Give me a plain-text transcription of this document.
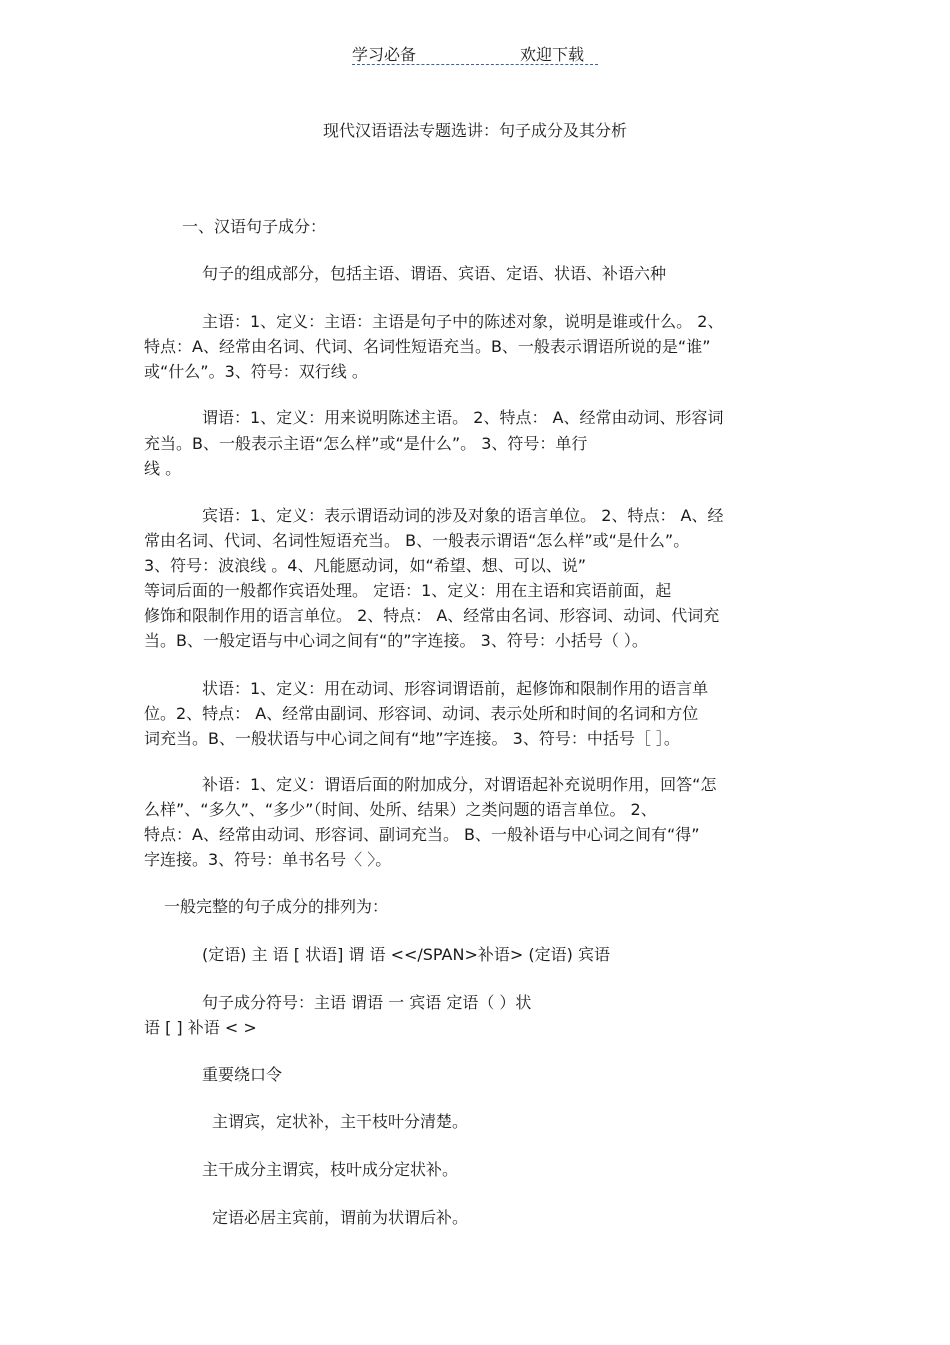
学习必备	欢迎下载
现代汉语语法专题选讲：句子成分及其分析
一、汉语句子成分：
句子的组成部分，包括主语、谓语、宾语、定语、状语、补语六种
主语：1、定义：主语：主语是句子中的陈述对象，说明是谁或什么。 2、
特点：A、经常由名词、代词、名词性短语充当。B、一般表示谓语所说的是“谁”
或“什么”。3、符号：双行线 。
谓语：1、定义：用来说明陈述主语。 2、特点： A、经常由动词、形容词
充当。B、一般表示主语“怎么样”或“是什么”。 3、符号：单行
线 。
宾语：1、定义：表示谓语动词的涉及对象的语言单位。 2、特点： A、经
常由名词、代词、名词性短语充当。 B、一般表示谓语“怎么样”或“是什么”。
3、符号：波浪线 。4、凡能愿动词，如“希望、想、可以、说”
等词后面的一般都作宾语处理。 定语：1、定义：用在主语和宾语前面，起
修饰和限制作用的语言单位。 2、特点： A、经常由名词、形容词、动词、代词充
当。B、一般定语与中心词之间有“的”字连接。 3、符号：小括号（ ）。
状语：1、定义：用在动词、形容词谓语前，起修饰和限制作用的语言单
位。2、特点： A、经常由副词、形容词、动词、表示处所和时间的名词和方位
词充当。B、一般状语与中心词之间有“地”字连接。 3、符号：中括号［ ］。
补语：1、定义：谓语后面的附加成分，对谓语起补充说明作用，回答“怎
么样”、“多久”、“多少”（时间、处所、结果）之类问题的语言单位。 2、
特点：A、经常由动词、形容词、副词充当。 B、一般补语与中心词之间有“得”
字连接。3、符号：单书名号〈 〉。
一般完整的句子成分的排列为：
(定语) 主 语 [ 状语] 谓 语 <</SPAN>补语> (定语) 宾语
句子成分符号：主语 谓语 一 宾语 定语（ ）状
语 [ ] 补语 < >
重要绕口令
主谓宾，定状补，主干枝叶分清楚。
主干成分主谓宾，枝叶成分定状补。
定语必居主宾前，谓前为状谓后补。
